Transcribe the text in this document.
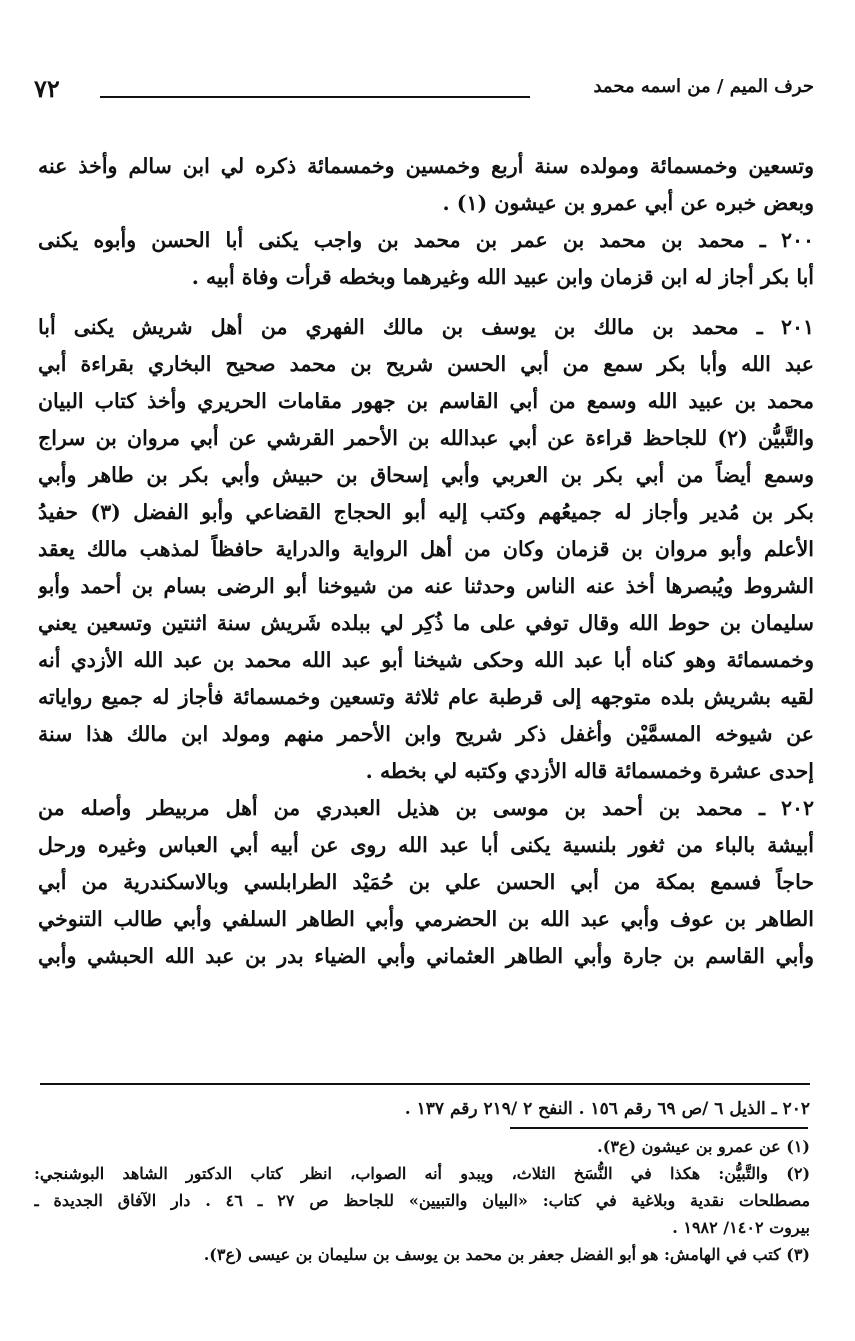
٧٢	حرف الميم / من اسمه محمد
وتسعين وخمسمائة ومولده سنة أربع وخمسين وخمسمائة ذكره لي ابن سالم وأخذ عنه
وبعض خبره عن أبي عمرو بن عيشون (١) .
٢٠٠ ـ محمد بن محمد بن عمر بن محمد بن واجب يكنى أبا الحسن وأبوه يكنى
أبا بكر أجاز له ابن قزمان وابن عبيد الله وغيرهما وبخطه قرأت وفاة أبيه .
٢٠١ ـ محمد بن مالك بن يوسف بن مالك الفهري من أهل شريش يكنى أبا
عبد الله وأبا بكر سمع من أبي الحسن شريح بن محمد صحيح البخاري بقراءة أبي
محمد بن عبيد الله وسمع من أبي القاسم بن جهور مقامات الحريري وأخذ كتاب البيان
والتَّبيُّن (٢) للجاحظ قراءة عن أبي عبدالله بن الأحمر القرشي عن أبي مروان بن سراج
وسمع أيضاً من أبي بكر بن العربي وأبي إسحاق بن حبيش وأبي بكر بن طاهر وأبي
بكر بن مُدير وأجاز له جميعُهم وكتب إليه أبو الحجاج القضاعي وأبو الفضل (٣) حفيدُ
الأعلم وأبو مروان بن قزمان وكان من أهل الرواية والدراية حافظاً لمذهب مالك يعقد
الشروط ويُبصرها أخذ عنه الناس وحدثنا عنه من شيوخنا أبو الرضى بسام بن أحمد وأبو
سليمان بن حوط الله وقال توفي على ما ذُكِر لي ببلده شَريش سنة اثنتين وتسعين يعني
وخمسمائة وهو كناه أبا عبد الله وحكى شيخنا أبو عبد الله محمد بن عبد الله الأزدي أنه
لقيه بشريش بلده متوجهه إلى قرطبة عام ثلاثة وتسعين وخمسمائة فأجاز له جميع رواياته
عن شيوخه المسمَّيْن وأغفل ذكر شريح وابن الأحمر منهم ومولد ابن مالك هذا سنة
إحدى عشرة وخمسمائة قاله الأزدي وكتبه لي بخطه .
٢٠٢ ـ محمد بن أحمد بن موسى بن هذيل العبدري من أهل مربيطر وأصله من
أبيشة بالباء من ثغور بلنسية يكنى أبا عبد الله روى عن أبيه أبي العباس وغيره ورحل
حاجاً فسمع بمكة من أبي الحسن علي بن حُمَيْد الطرابلسي وبالاسكندرية من أبي
الطاهر بن عوف وأبي عبد الله بن الحضرمي وأبي الطاهر السلفي وأبي طالب التنوخي
وأبي القاسم بن جارة وأبي الطاهر العثماني وأبي الضياء بدر بن عبد الله الحبشي وأبي
٢٠٢ ـ الذيل ٦ /ص ٦٩ رقم ١٥٦ . النفح ٢ /٢١٩ رقم ١٣٧ .
(١) عن عمرو بن عيشون (ع٣).
(٢) والتَّبيُّن: هكذا في النُّسَخ الثلاث، ويبدو أنه الصواب، انظر كتاب الدكتور الشاهد البوشنجي:
مصطلحات نقدية وبلاغية في كتاب: «البيان والتبيين» للجاحظ ص ٢٧ ـ ٤٦ . دار الآفاق الجديدة ـ
بيروت ١٤٠٢/ ١٩٨٢ .
(٣) كتب في الهامش: هو أبو الفضل جعفر بن محمد بن يوسف بن سليمان بن عيسى (ع٣).
